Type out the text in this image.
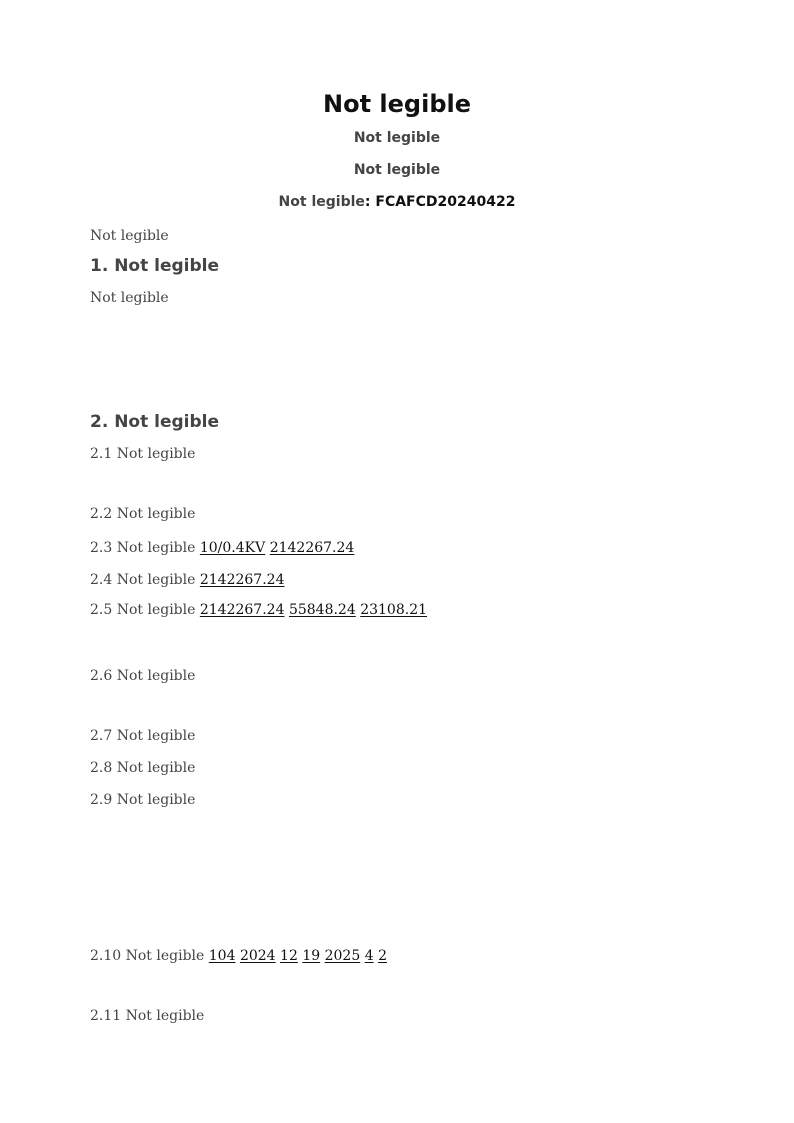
Not legible
Not legible
Not legible
Not legible: FCAFCD20240422
Not legible
1. Not legible
Not legible
2. Not legible
2.1 Not legible
2.2 Not legible
2.3 Not legible 10/0.4KV 2142267.24
2.4 Not legible 2142267.24
2.5 Not legible 2142267.24 55848.24 23108.21
2.6 Not legible
2.7 Not legible
2.8 Not legible
2.9 Not legible
2.10 Not legible 104 2024 12 19 2025 4 2
2.11 Not legible
